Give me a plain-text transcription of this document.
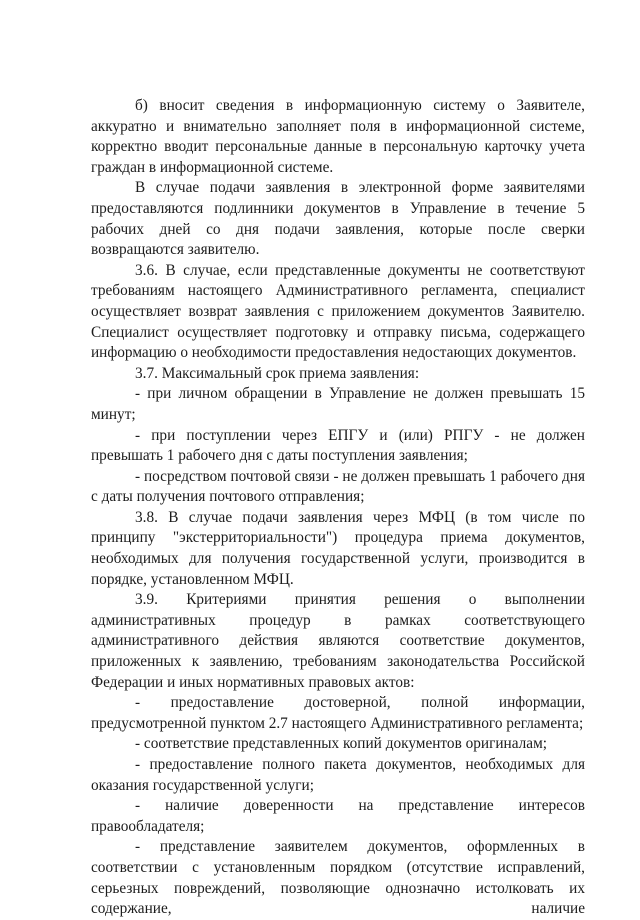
б) вносит сведения в информационную систему о Заявителе, аккуратно и внимательно заполняет поля в информационной системе, корректно вводит персональные данные в персональную карточку учета граждан в информационной системе.

В случае подачи заявления в электронной форме заявителями предоставляются подлинники документов в Управление в течение 5 рабочих дней со дня подачи заявления, которые после сверки возвращаются заявителю.

3.6. В случае, если представленные документы не соответствуют требованиям настоящего Административного регламента, специалист осуществляет возврат заявления с приложением документов Заявителю. Специалист осуществляет подготовку и отправку письма, содержащего информацию о необходимости предоставления недостающих документов.

3.7. Максимальный срок приема заявления:

- при личном обращении в Управление не должен превышать 15 минут;

- при поступлении через ЕПГУ и (или) РПГУ - не должен превышать 1 рабочего дня с даты поступления заявления;

- посредством почтовой связи - не должен превышать 1 рабочего дня с даты получения почтового отправления;

3.8. В случае подачи заявления через МФЦ (в том числе по принципу "экстерриториальности") процедура приема документов, необходимых для получения государственной услуги, производится в порядке, установленном МФЦ.

3.9. Критериями принятия решения о выполнении административных процедур в рамках соответствующего административного действия являются соответствие документов, приложенных к заявлению, требованиям законодательства Российской Федерации и иных нормативных правовых актов:

- предоставление достоверной, полной информации, предусмотренной пунктом 2.7 настоящего Административного регламента;

- соответствие представленных копий документов оригиналам;

- предоставление полного пакета документов, необходимых для оказания государственной услуги;

- наличие доверенности на представление интересов правообладателя;

- представление заявителем документов, оформленных в соответствии с установленным порядком (отсутствие исправлений, серьезных повреждений, позволяющие однозначно истолковать их содержание, наличие
